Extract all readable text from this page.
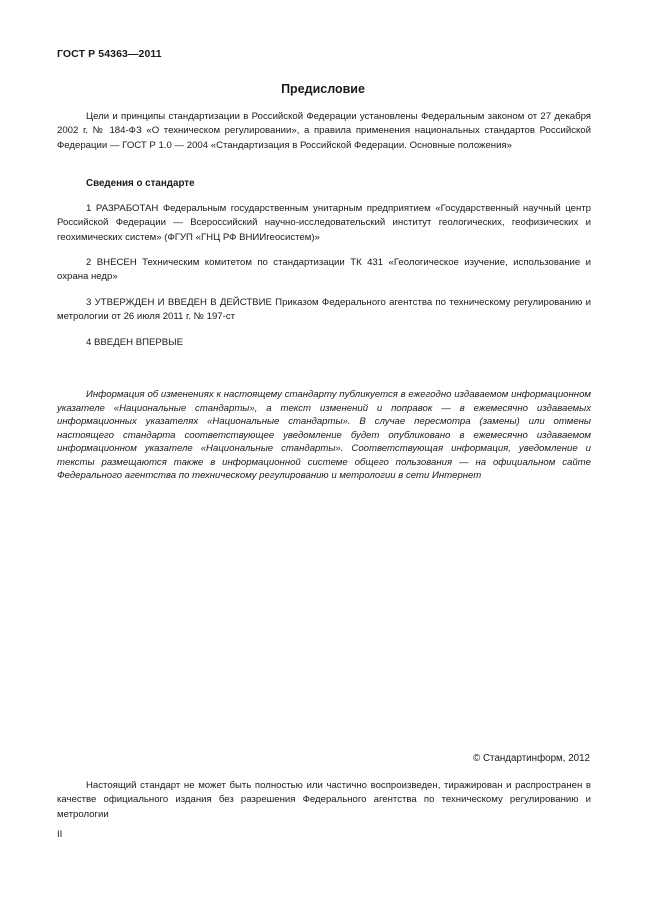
ГОСТ Р 54363—2011
Предисловие

Цели и принципы стандартизации в Российской Федерации установлены Федеральным законом от 27 декабря 2002 г. № 184-ФЗ «О техническом регулировании», а правила применения национальных стандартов Российской Федерации — ГОСТ Р 1.0 — 2004 «Стандартизация в Российской Федерации. Основные положения»

Сведения о стандарте

1 РАЗРАБОТАН Федеральным государственным унитарным предприятием «Государственный научный центр Российской Федерации — Всероссийский научно-исследовательский институт геологических, геофизических и геохимических систем» (ФГУП «ГНЦ РФ ВНИИгеосистем)»

2 ВНЕСЕН Техническим комитетом по стандартизации ТК 431 «Геологическое изучение, использование и охрана недр»

3 УТВЕРЖДЕН И ВВЕДЕН В ДЕЙСТВИЕ Приказом Федерального агентства по техническому регулированию и метрологии от 26 июля 2011 г. № 197-ст

4 ВВЕДЕН ВПЕРВЫЕ

Информация об изменениях к настоящему стандарту публикуется в ежегодно издаваемом информационном указателе «Национальные стандарты», а текст изменений и поправок — в ежемесячно издаваемых информационных указателях «Национальные стандарты». В случае пересмотра (замены) или отмены настоящего стандарта соответствующее уведомление будет опубликовано в ежемесячно издаваемом информационном указателе «Национальные стандарты». Соответствующая информация, уведомление и тексты размещаются также в информационной системе общего пользования — на официальном сайте Федерального агентства по техническому регулированию и метрологии в сети Интернет

© Стандартинформ, 2012

Настоящий стандарт не может быть полностью или частично воспроизведен, тиражирован и распространен в качестве официального издания без разрешения Федерального агентства по техническому регулированию и метрологии

II
